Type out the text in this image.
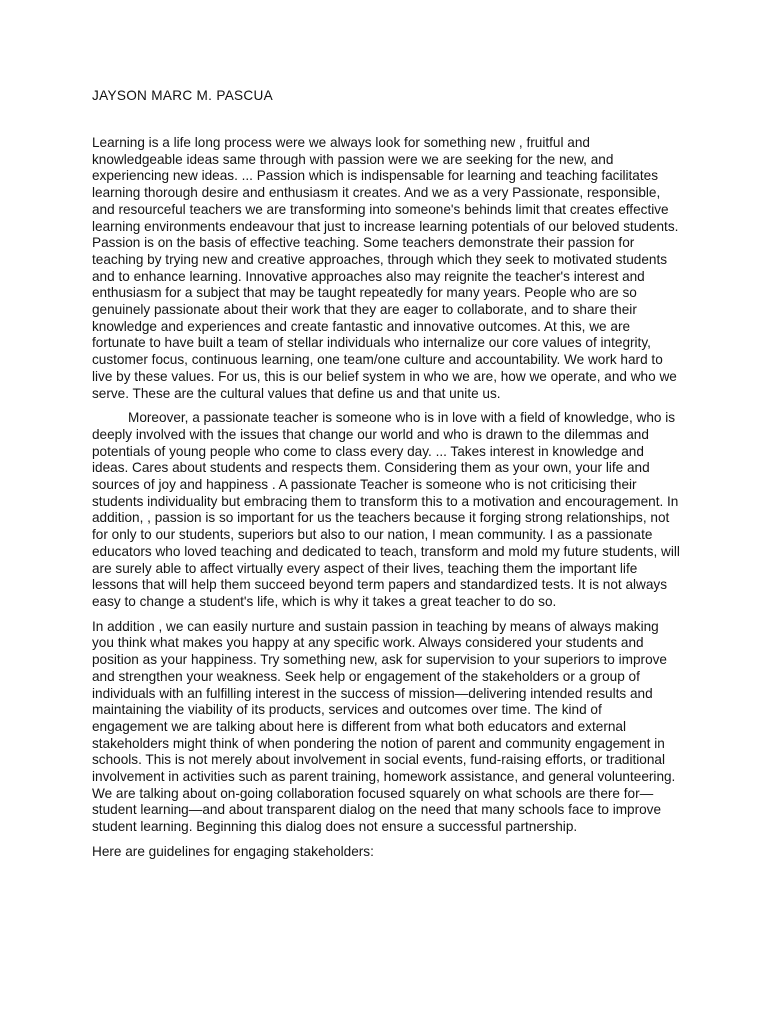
JAYSON MARC M. PASCUA

Learning is a life long process were we always look for something new , fruitful and knowledgeable ideas same through with passion were we are seeking for the new, and experiencing new ideas. ... Passion which is indispensable for learning and teaching facilitates learning thorough desire and enthusiasm it creates. And we as a very Passionate, responsible, and resourceful teachers we are transforming into someone's behinds limit that creates effective learning environments endeavour that just to increase learning potentials of our beloved students. Passion is on the basis of effective teaching. Some teachers demonstrate their passion for teaching by trying new and creative approaches, through which they seek to motivated students and to enhance learning. Innovative approaches also may reignite the teacher's interest and enthusiasm for a subject that may be taught repeatedly for many years. People who are so genuinely passionate about their work that they are eager to collaborate, and to share their knowledge and experiences and create fantastic and innovative outcomes. At this, we are fortunate to have built a team of stellar individuals who internalize our core values of integrity, customer focus, continuous learning, one team/one culture and accountability. We work hard to live by these values. For us, this is our belief system in who we are, how we operate, and who we serve. These are the cultural values that define us and that unite us.

Moreover, a passionate teacher is someone who is in love with a field of knowledge, who is deeply involved with the issues that change our world and who is drawn to the dilemmas and potentials of young people who come to class every day. ... Takes interest in knowledge and ideas. Cares about students and respects them. Considering them as your own, your life and sources of joy and happiness . A passionate Teacher is someone who is not criticising their students individuality but embracing them to transform this to a motivation and encouragement. In addition, , passion is so important for us the teachers because it forging strong relationships, not for only to our students, superiors but also to our nation, I mean community. I as a passionate educators who loved teaching and dedicated to teach, transform and mold my future students, will are surely able to affect virtually every aspect of their lives, teaching them the important life lessons that will help them succeed beyond term papers and standardized tests. It is not always easy to change a student's life, which is why it takes a great teacher to do so.

In addition , we can easily nurture and sustain passion in teaching by means of always making you think what makes you happy at any specific work. Always considered your students and position as your happiness. Try something new, ask for supervision to your superiors to improve and strengthen your weakness. Seek help or engagement of the stakeholders or a group of individuals with an fulfilling interest in the success of mission—delivering intended results and maintaining the viability of its products, services and outcomes over time. The kind of engagement we are talking about here is different from what both educators and external stakeholders might think of when pondering the notion of parent and community engagement in schools. This is not merely about involvement in social events, fund-raising efforts, or traditional involvement in activities such as parent training, homework assistance, and general volunteering. We are talking about on-going collaboration focused squarely on what schools are there for—student learning—and about transparent dialog on the need that many schools face to improve student learning. Beginning this dialog does not ensure a successful partnership.

Here are guidelines for engaging stakeholders:
